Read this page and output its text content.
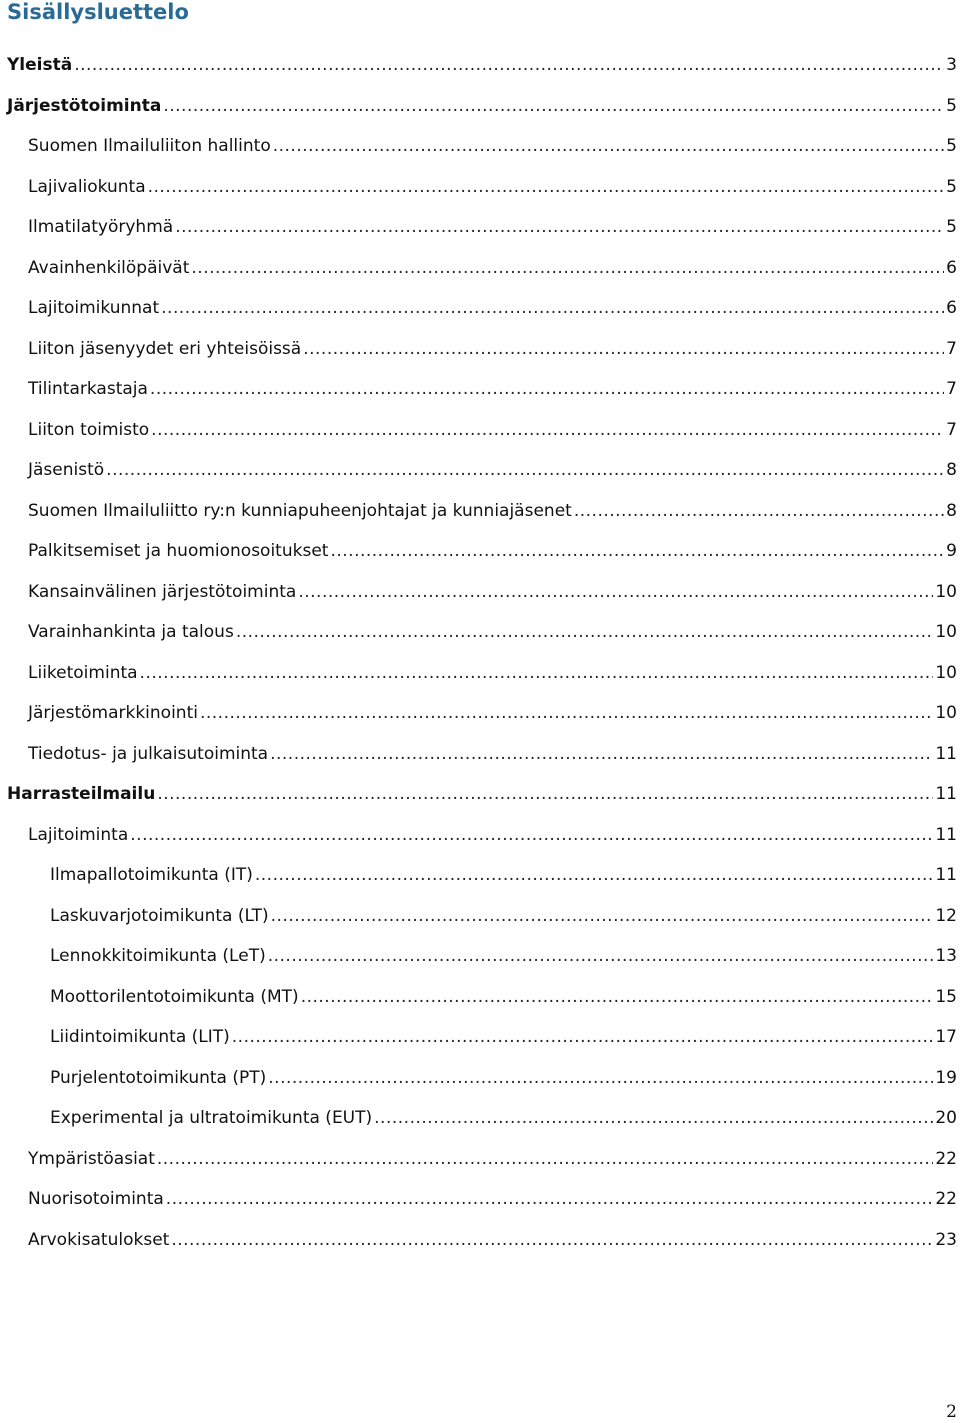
Sisällysluettelo
Yleistä .....	3
Järjestötoiminta .....	5
Suomen Ilmailuliiton hallinto .....	5
Lajivaliokunta .....	5
Ilmatilatyöryhmä .....	5
Avainhenkilöpäivät .....	6
Lajitoimikunnat .....	6
Liiton jäsenyydet eri yhteisöissä .....	7
Tilintarkastaja .....	7
Liiton toimisto .....	7
Jäsenistö .....	8
Suomen Ilmailuliitto ry:n kunniapuheenjohtajat ja kunniajäsenet .....	8
Palkitsemiset ja huomionosoitukset .....	9
Kansainvälinen järjestötoiminta .....	10
Varainhankinta ja talous .....	10
Liiketoiminta .....	10
Järjestömarkkinointi .....	10
Tiedotus- ja julkaisutoiminta .....	11
Harrasteilmailu .....	11
Lajitoiminta .....	11
Ilmapallotoimikunta (IT) .....	11
Laskuvarjotoimikunta (LT) .....	12
Lennokkitoimikunta (LeT) .....	13
Moottorilentotoimikunta (MT) .....	15
Liidintoimikunta (LIT) .....	17
Purjelentotoimikunta (PT) .....	19
Experimental ja ultratoimikunta (EUT) .....	20
Ympäristöasiat .....	22
Nuorisotoiminta .....	22
Arvokisatulokset .....	23
2
